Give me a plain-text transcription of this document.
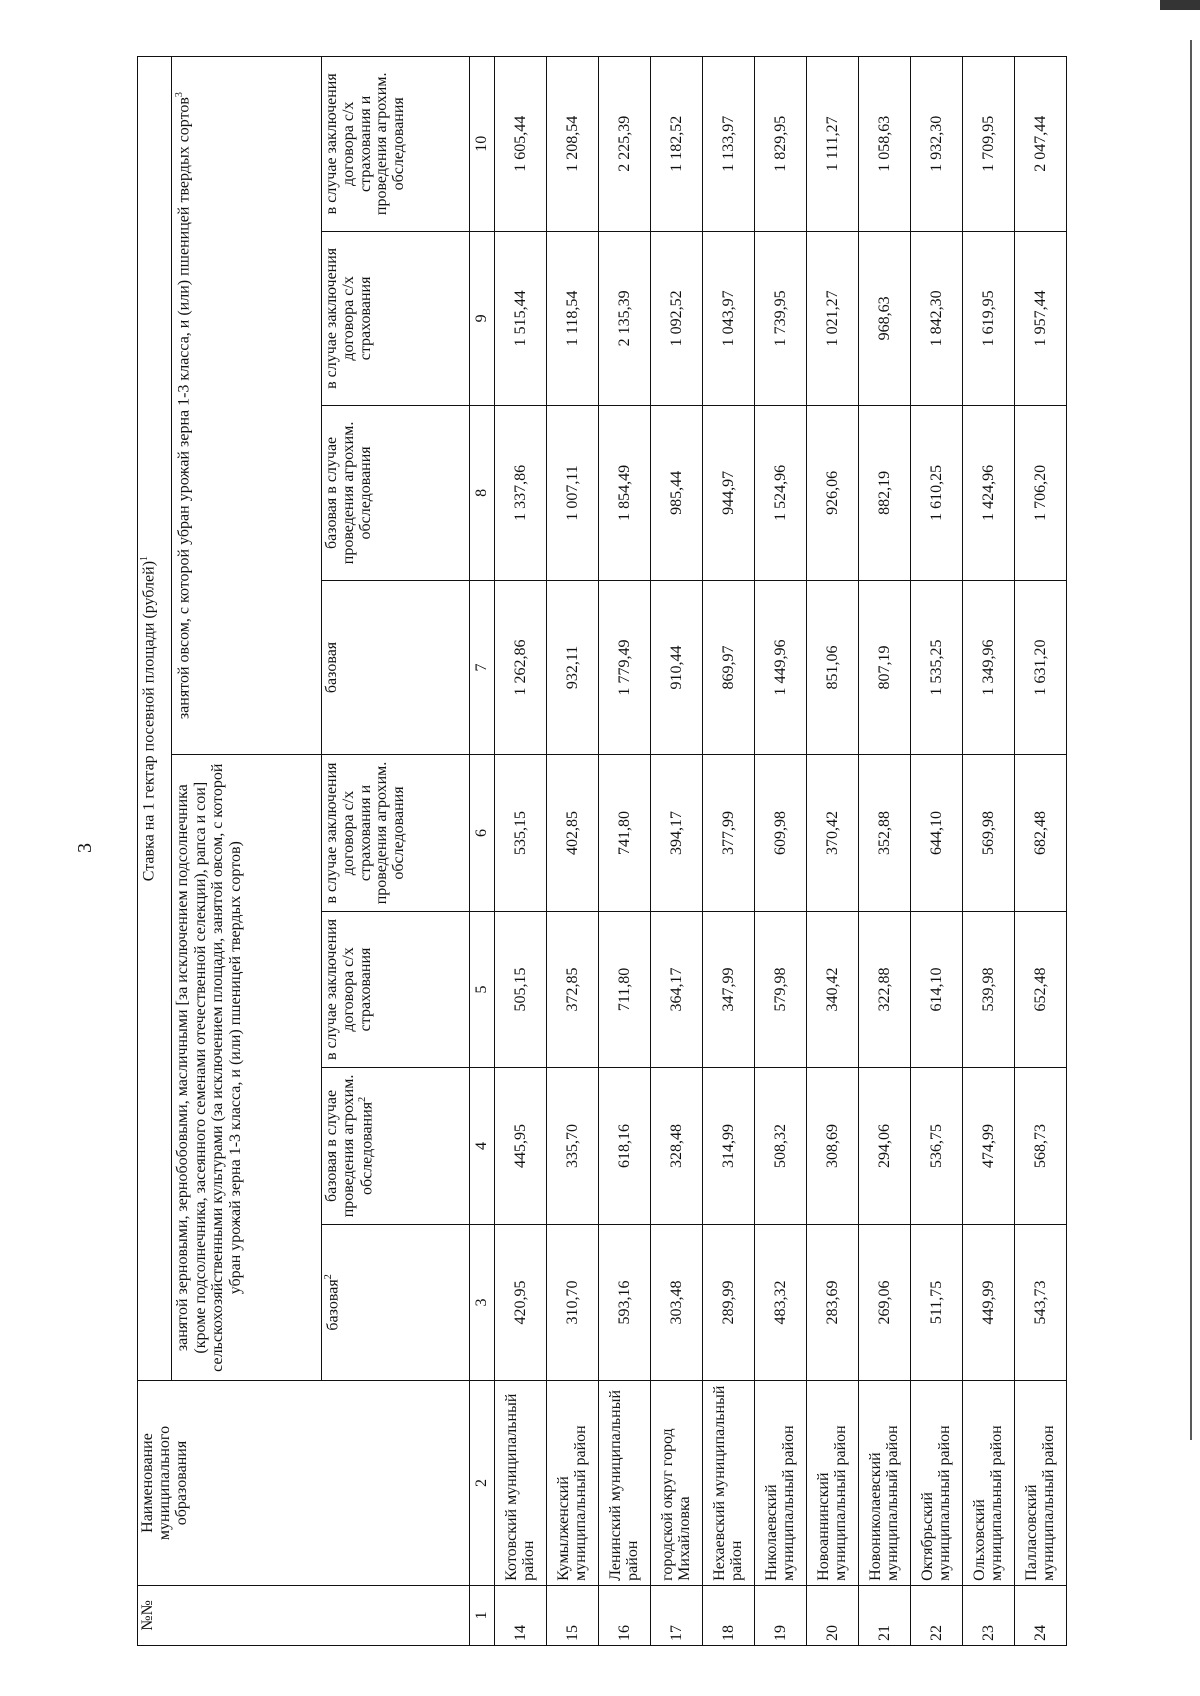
3
№№	Наименование муниципального образования	Ставка на 1 гектар посевной площади (рублей)$^1$
		занятой зерновыми, зернобобовыми, масличными [за исключением подсолнечника (кроме подсолнечника, засеянного семенами отечественной селекции), рапса и сои] сельскохозяйственными культурами (за исключением площади, занятой овсом, с которой убран урожай зерна 1-3 класса, и (или) пшеницей твердых сортов)				занятой овсом, с которой убран урожай зерна 1-3 класса, и (или) пшеницей твердых сортов$^3$
		базовая$^2$	базовая в случае проведения агрохим. обследования$^2$	в случае заключения договора с/х страхования	в случае заключения договора с/х страхования и проведения агрохим. обследования	базовая	базовая в случае проведения агрохим. обследования	в случае заключения договора с/х страхования	в случае заключения договора с/х страхования и проведения агрохим. обследования
1	2	3	4	5	6	7	8	9	10
14	Котовский муниципальный район	420,95	445,95	505,15	535,15	1 262,86	1 337,86	1 515,44	1 605,44
15	Кумылженский муниципальный район	310,70	335,70	372,85	402,85	932,11	1 007,11	1 118,54	1 208,54
16	Ленинский муниципальный район	593,16	618,16	711,80	741,80	1 779,49	1 854,49	2 135,39	2 225,39
17	городской округ город Михайловка	303,48	328,48	364,17	394,17	910,44	985,44	1 092,52	1 182,52
18	Нехаевский муниципальный район	289,99	314,99	347,99	377,99	869,97	944,97	1 043,97	1 133,97
19	Николаевский муниципальный район	483,32	508,32	579,98	609,98	1 449,96	1 524,96	1 739,95	1 829,95
20	Новоаннинский муниципальный район	283,69	308,69	340,42	370,42	851,06	926,06	1 021,27	1 111,27
21	Новониколаевский муниципальный район	269,06	294,06	322,88	352,88	807,19	882,19	968,63	1 058,63
22	Октябрьский муниципальный район	511,75	536,75	614,10	644,10	1 535,25	1 610,25	1 842,30	1 932,30
23	Ольховский муниципальный район	449,99	474,99	539,98	569,98	1 349,96	1 424,96	1 619,95	1 709,95
24	Палласовский муниципальный район	543,73	568,73	652,48	682,48	1 631,20	1 706,20	1 957,44	2 047,44
